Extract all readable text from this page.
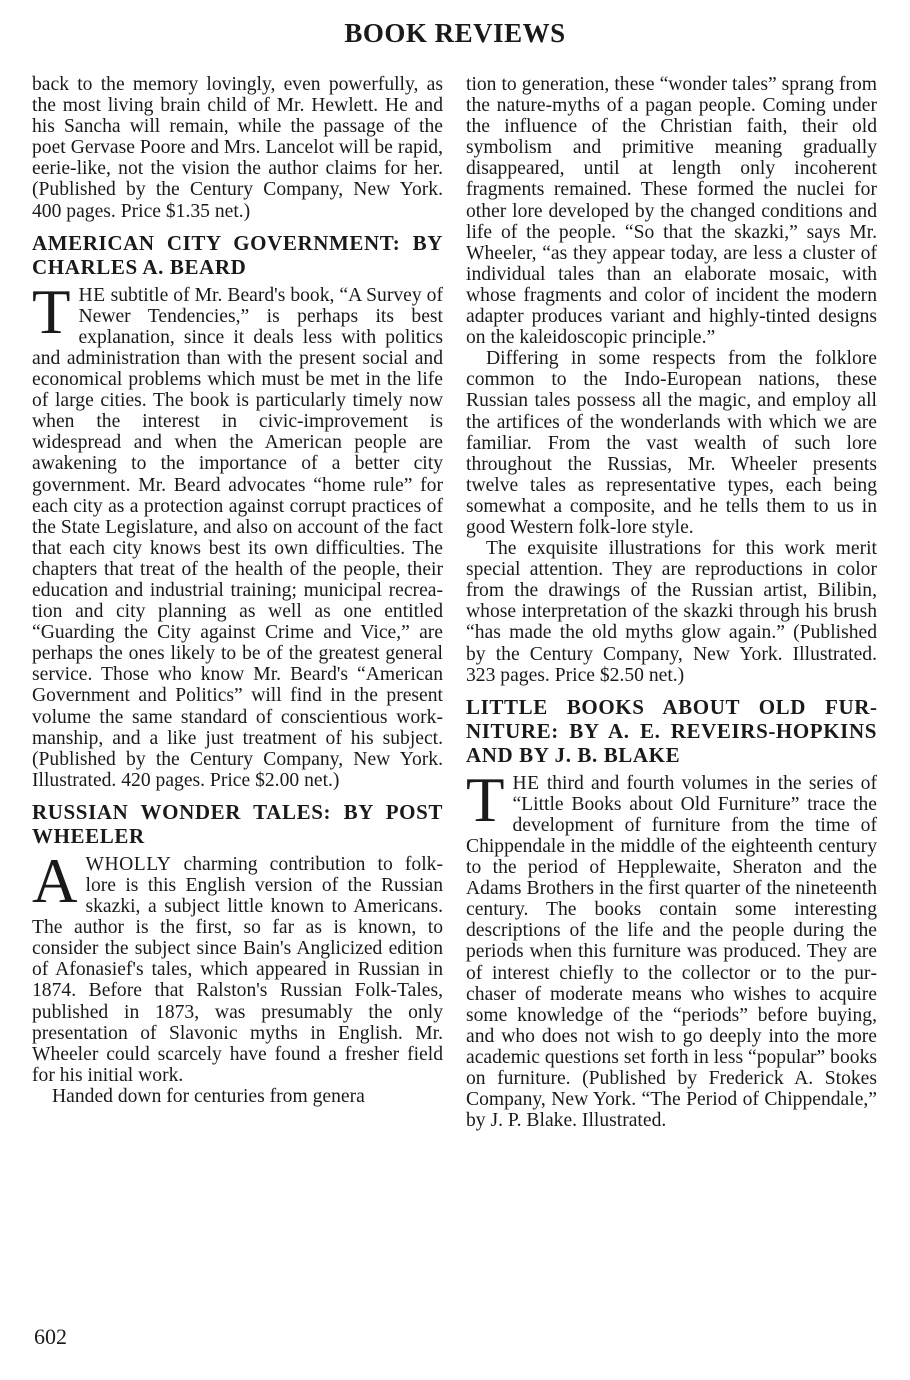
BOOK REVIEWS

back to the memory lovingly, even powerfully, as the most living brain child of Mr. Hewlett. He and his Sancha will remain, while the passage of the poet Gervase Poore and Mrs. Lancelot will be rapid, eerie-like, not the vision the author claims for her. (Published by the Century Company, New York. 400 pages. Price $1.35 net.)

AMERICAN CITY GOVERNMENT: BY CHARLES A. BEARD

THE subtitle of Mr. Beard's book, “A Survey of Newer Tendencies,” is perhaps its best explanation, since it deals less with politics and administration than with the present social and economical problems which must be met in the life of large cities. The book is particularly timely now when the interest in civic-improvement is widespread and when the American people are awakening to the importance of a better city government. Mr. Beard advocates “home rule” for each city as a protection against corrupt practices of the State Legislature, and also on account of the fact that each city knows best its own difficulties. The chapters that treat of the health of the people, their education and industrial training; municipal recreation and city planning as well as one entitled “Guarding the City against Crime and Vice,” are perhaps the ones likely to be of the greatest general service. Those who know Mr. Beard's “American Government and Politics” will find in the present volume the same standard of conscientious workmanship, and a like just treatment of his subject. (Published by the Century Company, New York. Illustrated. 420 pages. Price $2.00 net.)

RUSSIAN WONDER TALES: BY POST WHEELER

AWHOLLY charming contribution to folk-lore is this English version of the Russian skazki, a subject little known to Americans. The author is the first, so far as is known, to consider the subject since Bain's Anglicized edition of Afonasief's tales, which appeared in Russian in 1874. Before that Ralston's Russian Folk-Tales, published in 1873, was presumably the only presentation of Slavonic myths in English. Mr. Wheeler could scarcely have found a fresher field for his initial work.

Handed down for centuries from genera

tion to generation, these “wonder tales” sprang from the nature-myths of a pagan people. Coming under the influence of the Christian faith, their old symbolism and primitive meaning gradually disappeared, until at length only incoherent fragments remained. These formed the nuclei for other lore developed by the changed conditions and life of the people. “So that the skazki,” says Mr. Wheeler, “as they appear today, are less a cluster of individual tales than an elaborate mosaic, with whose fragments and color of incident the modern adapter produces variant and highly-tinted designs on the kaleidoscopic principle.”

Differing in some respects from the folklore common to the Indo-European nations, these Russian tales possess all the magic, and employ all the artifices of the wonderlands with which we are familiar. From the vast wealth of such lore throughout the Russias, Mr. Wheeler presents twelve tales as representative types, each being somewhat a composite, and he tells them to us in good Western folk-lore style.

The exquisite illustrations for this work merit special attention. They are reproductions in color from the drawings of the Russian artist, Bilibin, whose interpretation of the skazki through his brush “has made the old myths glow again.” (Published by the Century Company, New York. Illustrated. 323 pages. Price $2.50 net.)

LITTLE BOOKS ABOUT OLD FURNITURE: BY A. E. REVEIRS-HOPKINS AND BY J. B. BLAKE

THE third and fourth volumes in the series of “Little Books about Old Furniture” trace the development of furniture from the time of Chippendale in the middle of the eighteenth century to the period of Hepplewaite, Sheraton and the Adams Brothers in the first quarter of the nineteenth century. The books contain some interesting descriptions of the life and the people during the periods when this furniture was produced. They are of interest chiefly to the collector or to the purchaser of moderate means who wishes to acquire some knowledge of the “periods” before buying, and who does not wish to go deeply into the more academic questions set forth in less “popular” books on furniture. (Published by Frederick A. Stokes Company, New York. “The Period of Chippendale,” by J. P. Blake. Illustrated.

602
